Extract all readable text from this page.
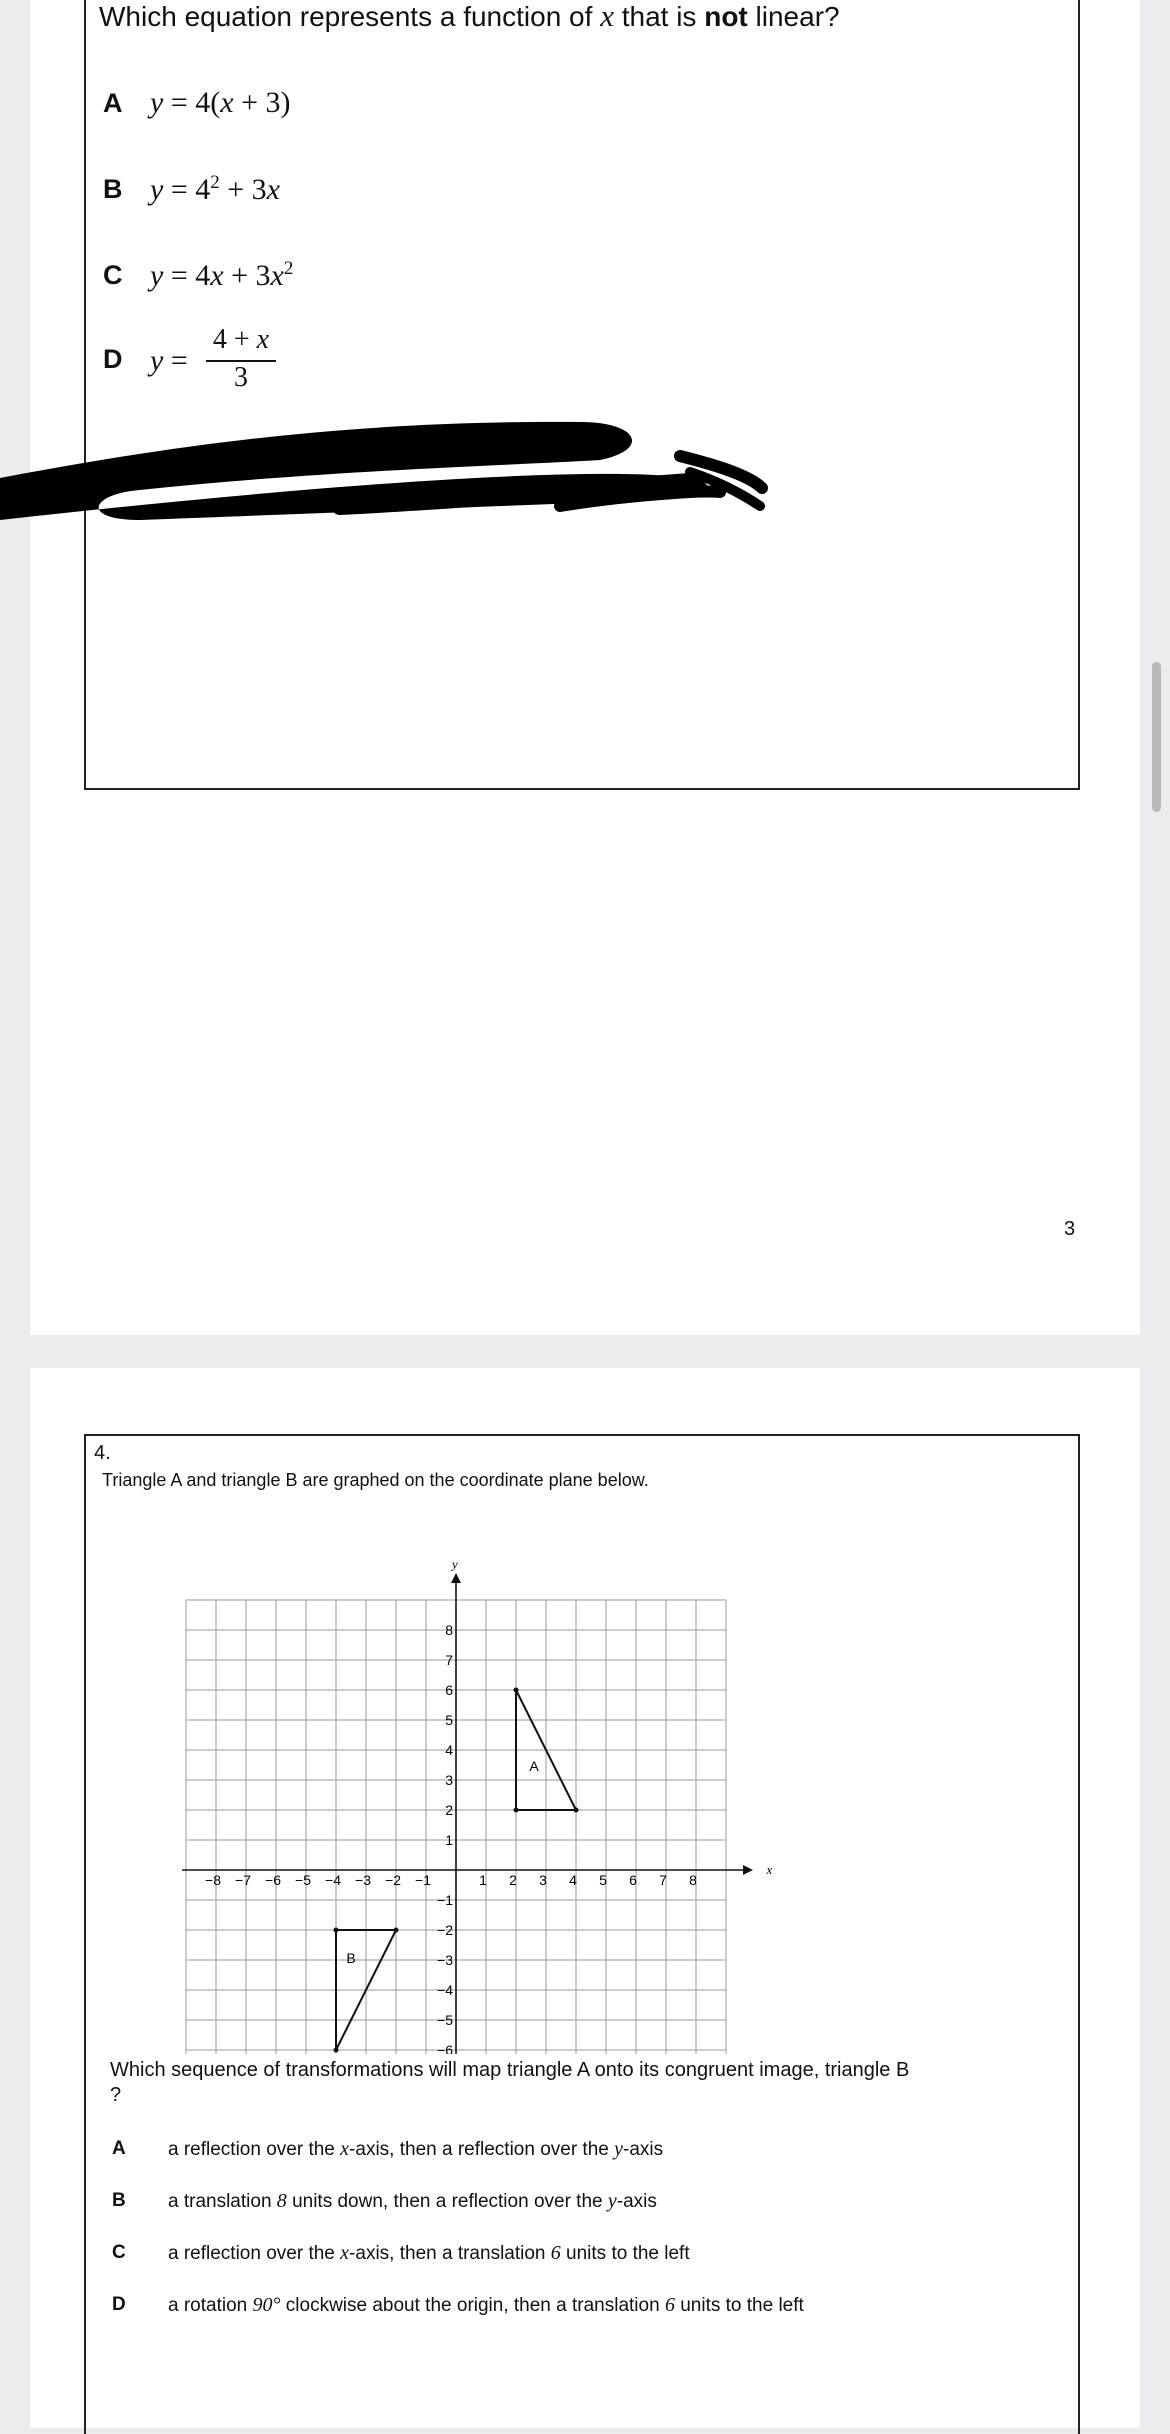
Which equation represents a function of x that is not linear?
A y = 4(x + 3)
B $y = 4^2 + 3x$
C $y = 4x + 3x^2$
D $y = \frac{4 + x}{3}$
3
4.
Triangle A and triangle B are graphed on the coordinate plane below.
x
y
−8 −7 −6 −5 −4 −3 −2 −1	1 2 3 4 5 6 7 8
8
7
6
5
4
3
2
1
−1
−2
−3
−4
−5
−6
A
B
Which sequence of transformations will map triangle A onto its congruent image, triangle B ?
A a reflection over the x-axis, then a reflection over the y-axis
B a translation 8 units down, then a reflection over the y-axis
C a reflection over the x-axis, then a translation 6 units to the left
D a rotation 90° clockwise about the origin, then a translation 6 units to the left
